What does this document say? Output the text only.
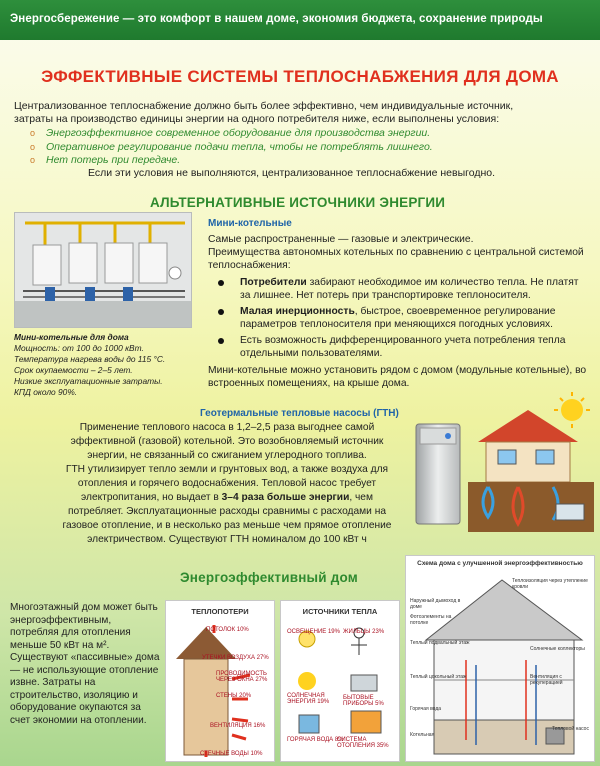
Энергосбережение — это комфорт в нашем доме, экономия бюджета, сохранение природы
ЭФФЕКТИВНЫЕ СИСТЕМЫ ТЕПЛОСНАБЖЕНИЯ ДЛЯ ДОМА
Централизованное теплоснабжение должно быть более эффективно, чем индивидуальные источник,
затраты на производство единицы энергии на одного потребителя ниже, если выполнены условия:
o Энергоэффективное современное оборудование для производства энергии.
o Оперативное регулирование подачи тепла, чтобы не потреблять лишнего.
o Нет потерь при передаче.
Если эти условия не выполняются, централизованное теплоснабжение невыгодно.
АЛЬТЕРНАТИВНЫЕ ИСТОЧНИКИ ЭНЕРГИИ
Мини-котельные для дома
Мощность: от 100 до 1000 кВт.
Температура нагрева воды до 115 °С.
Срок окупаемости – 2–5 лет.
Низкие эксплуатационные затраты.
КПД около 90%.
Мини-котельные
Самые распространенные — газовые и электрические.
Преимущества автономных котельных по сравнению с центральной системой теплоснабжения:
Потребители забирают необходимое им количество тепла. Не платят за лишнее. Нет потерь при транспортировке теплоносителя.
Малая инерционность, быстрое, своевременное регулирование параметров теплоносителя при меняющихся погодных условиях.
Есть возможность дифференцированного учета потребления тепла отдельными пользователями.
Мини-котельные можно установить рядом с домом (модульные котельные), во встроенных помещениях, на крыше дома.
Геотермальные тепловые насосы (ГТН)
Применение теплового насоса в 1,2–2,5 раза выгоднее самой эффективной (газовой) котельной. Это возобновляемый источник энергии, не связанный со сжиганием углеродного топлива.
ГТН утилизирует тепло земли и грунтовых вод, а также воздуха для отопления и горячего водоснабжения. Тепловой насос требует электропитания, но выдает в 3–4 раза больше энергии, чем потребляет. Эксплуатационные расходы сравнимы с расходами на газовое отопление, и в несколько раз меньше чем прямое отопление электричеством. Существуют ГТН номиналом до 100 кВт ч
Энергоэффективный дом
Многоэтажный дом может быть энергоэффективным, потребляя для отопления меньше 50 кВт на м². Существуют «пассивные» дома — не использующие отопление извне. Затраты на строительство, изоляцию и оборудование окупаются за счет экономии на отоплении.
ТЕПЛОПОТЕРИ
ПОТОЛОК 10%
УТЕЧКИ ВОЗДУХА 27%
ПРОВОДИМОСТЬ ЧЕРЕЗ ОКНА 27%
СТЕНЫ 20%
ВЕНТИЛЯЦИЯ 16%
СТЕЧНЫЕ ВОДЫ 10%
ИСТОЧНИКИ ТЕПЛА
ОСВЕЩЕНИЕ 19% ЖИЛЬЦЫ 23%
СОЛНЕЧНАЯ ЭНЕРГИЯ 19%
БЫТОВЫЕ ПРИБОРЫ 5%
ГОРЯЧАЯ ВОДА 8%
СИСТЕМА ОТОПЛЕНИЯ 35%
Схема дома с улучшенной энергоэффективностью
Теплоизоляция через утепление кровли
Наружный дымоход в доме
Фотоэлементы на потолке
Теплый подвальный этаж
Солнечные коллекторы
Теплый цокольный этаж	Вентиляция с рекуперацией
Тепловой насос
Горячая вода
Котельная
